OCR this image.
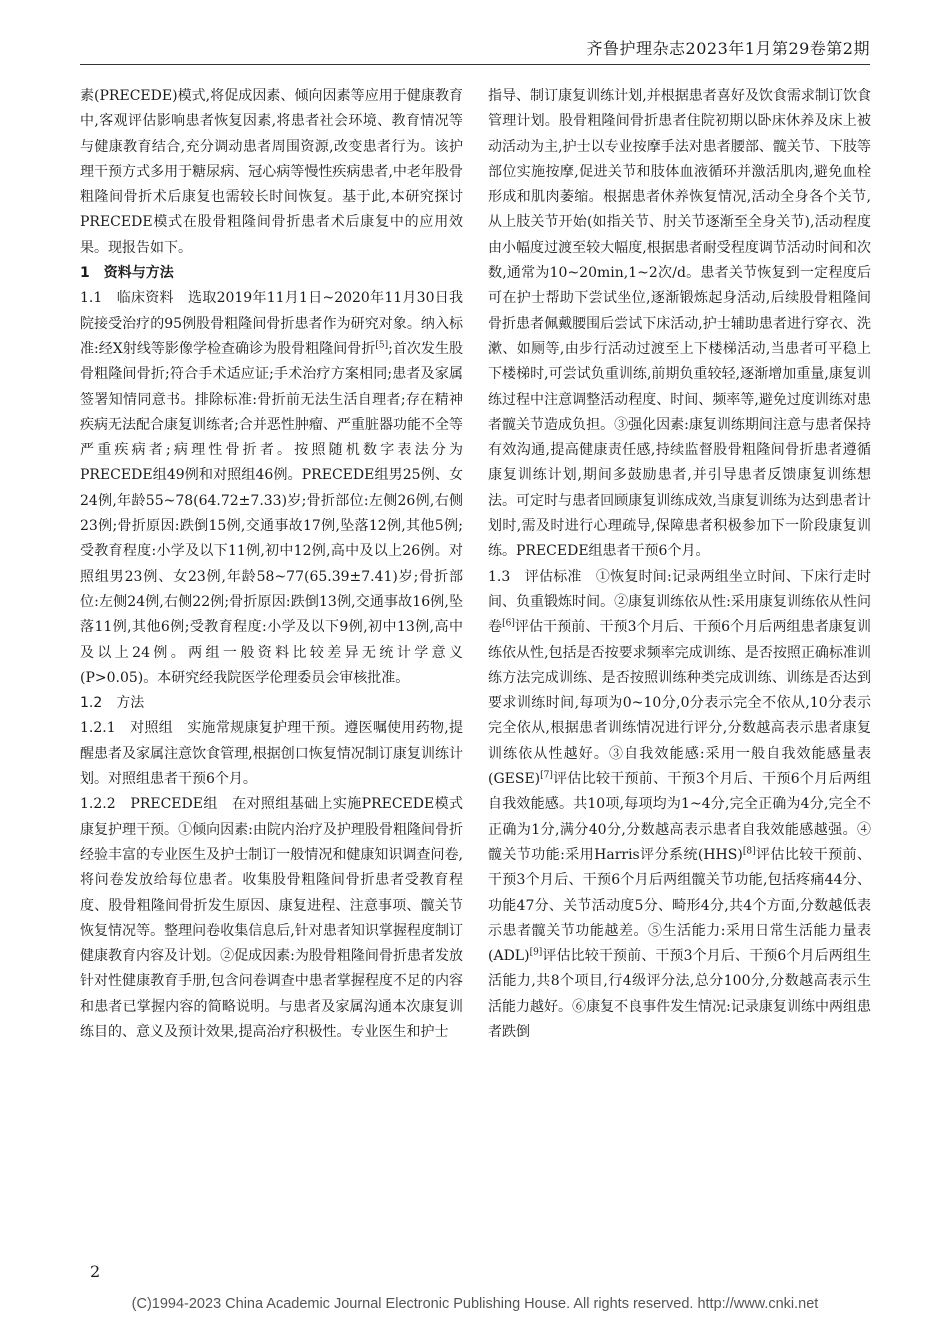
齐鲁护理杂志2023年1月第29卷第2期

素(PRECEDE)模式,将促成因素、倾向因素等应用于健康教育中,客观评估影响患者恢复因素,将患者社会环境、教育情况等与健康教育结合,充分调动患者周围资源,改变患者行为。该护理干预方式多用于糖尿病、冠心病等慢性疾病患者,中老年股骨粗隆间骨折术后康复也需较长时间恢复。基于此,本研究探讨PRECEDE模式在股骨粗隆间骨折患者术后康复中的应用效果。现报告如下。

1　资料与方法

1.1　临床资料　选取2019年11月1日~2020年11月30日我院接受治疗的95例股骨粗隆间骨折患者作为研究对象。纳入标准:经X射线等影像学检查确诊为股骨粗隆间骨折[5];首次发生股骨粗隆间骨折;符合手术适应证;手术治疗方案相同;患者及家属签署知情同意书。排除标准:骨折前无法生活自理者;存在精神疾病无法配合康复训练者;合并恶性肿瘤、严重脏器功能不全等严重疾病者;病理性骨折者。按照随机数字表法分为PRECEDE组49例和对照组46例。PRECEDE组男25例、女24例,年龄55~78(64.72±7.33)岁;骨折部位:左侧26例,右侧23例;骨折原因:跌倒15例,交通事故17例,坠落12例,其他5例;受教育程度:小学及以下11例,初中12例,高中及以上26例。对照组男23例、女23例,年龄58~77(65.39±7.41)岁;骨折部位:左侧24例,右侧22例;骨折原因:跌倒13例,交通事故16例,坠落11例,其他6例;受教育程度:小学及以下9例,初中13例,高中及以上24例。两组一般资料比较差异无统计学意义(P>0.05)。本研究经我院医学伦理委员会审核批准。

1.2　方法

1.2.1　对照组　实施常规康复护理干预。遵医嘱使用药物,提醒患者及家属注意饮食管理,根据创口恢复情况制订康复训练计划。对照组患者干预6个月。

1.2.2　PRECEDE组　在对照组基础上实施PRECEDE模式康复护理干预。①倾向因素:由院内治疗及护理股骨粗隆间骨折经验丰富的专业医生及护士制订一般情况和健康知识调查问卷,将问卷发放给每位患者。收集股骨粗隆间骨折患者受教育程度、股骨粗隆间骨折发生原因、康复进程、注意事项、髋关节恢复情况等。整理问卷收集信息后,针对患者知识掌握程度制订健康教育内容及计划。②促成因素:为股骨粗隆间骨折患者发放针对性健康教育手册,包含问卷调查中患者掌握程度不足的内容和患者已掌握内容的简略说明。与患者及家属沟通本次康复训练目的、意义及预计效果,提高治疗积极性。专业医生和护士

指导、制订康复训练计划,并根据患者喜好及饮食需求制订饮食管理计划。股骨粗隆间骨折患者住院初期以卧床休养及床上被动活动为主,护士以专业按摩手法对患者腰部、髋关节、下肢等部位实施按摩,促进关节和肢体血液循环并激活肌肉,避免血栓形成和肌肉萎缩。根据患者休养恢复情况,活动全身各个关节,从上肢关节开始(如指关节、肘关节逐渐至全身关节),活动程度由小幅度过渡至较大幅度,根据患者耐受程度调节活动时间和次数,通常为10~20min,1~2次/d。患者关节恢复到一定程度后可在护士帮助下尝试坐位,逐渐锻炼起身活动,后续股骨粗隆间骨折患者佩戴腰围后尝试下床活动,护士辅助患者进行穿衣、洗漱、如厕等,由步行活动过渡至上下楼梯活动,当患者可平稳上下楼梯时,可尝试负重训练,前期负重较轻,逐渐增加重量,康复训练过程中注意调整活动程度、时间、频率等,避免过度训练对患者髋关节造成负担。③强化因素:康复训练期间注意与患者保持有效沟通,提高健康责任感,持续监督股骨粗隆间骨折患者遵循康复训练计划,期间多鼓励患者,并引导患者反馈康复训练想法。可定时与患者回顾康复训练成效,当康复训练为达到患者计划时,需及时进行心理疏导,保障患者积极参加下一阶段康复训练。PRECEDE组患者干预6个月。

1.3　评估标准　①恢复时间:记录两组坐立时间、下床行走时间、负重锻炼时间。②康复训练依从性:采用康复训练依从性问卷[6]评估干预前、干预3个月后、干预6个月后两组患者康复训练依从性,包括是否按要求频率完成训练、是否按照正确标准训练方法完成训练、是否按照训练种类完成训练、训练是否达到要求训练时间,每项为0~10分,0分表示完全不依从,10分表示完全依从,根据患者训练情况进行评分,分数越高表示患者康复训练依从性越好。③自我效能感:采用一般自我效能感量表(GESE)[7]评估比较干预前、干预3个月后、干预6个月后两组自我效能感。共10项,每项均为1~4分,完全正确为4分,完全不正确为1分,满分40分,分数越高表示患者自我效能感越强。④髋关节功能:采用Harris评分系统(HHS)[8]评估比较干预前、干预3个月后、干预6个月后两组髋关节功能,包括疼痛44分、功能47分、关节活动度5分、畸形4分,共4个方面,分数越低表示患者髋关节功能越差。⑤生活能力:采用日常生活能力量表(ADL)[9]评估比较干预前、干预3个月后、干预6个月后两组生活能力,共8个项目,行4级评分法,总分100分,分数越高表示生活能力越好。⑥康复不良事件发生情况:记录康复训练中两组患者跌倒

2
(C)1994-2023 China Academic Journal Electronic Publishing House. All rights reserved. http://www.cnki.net
